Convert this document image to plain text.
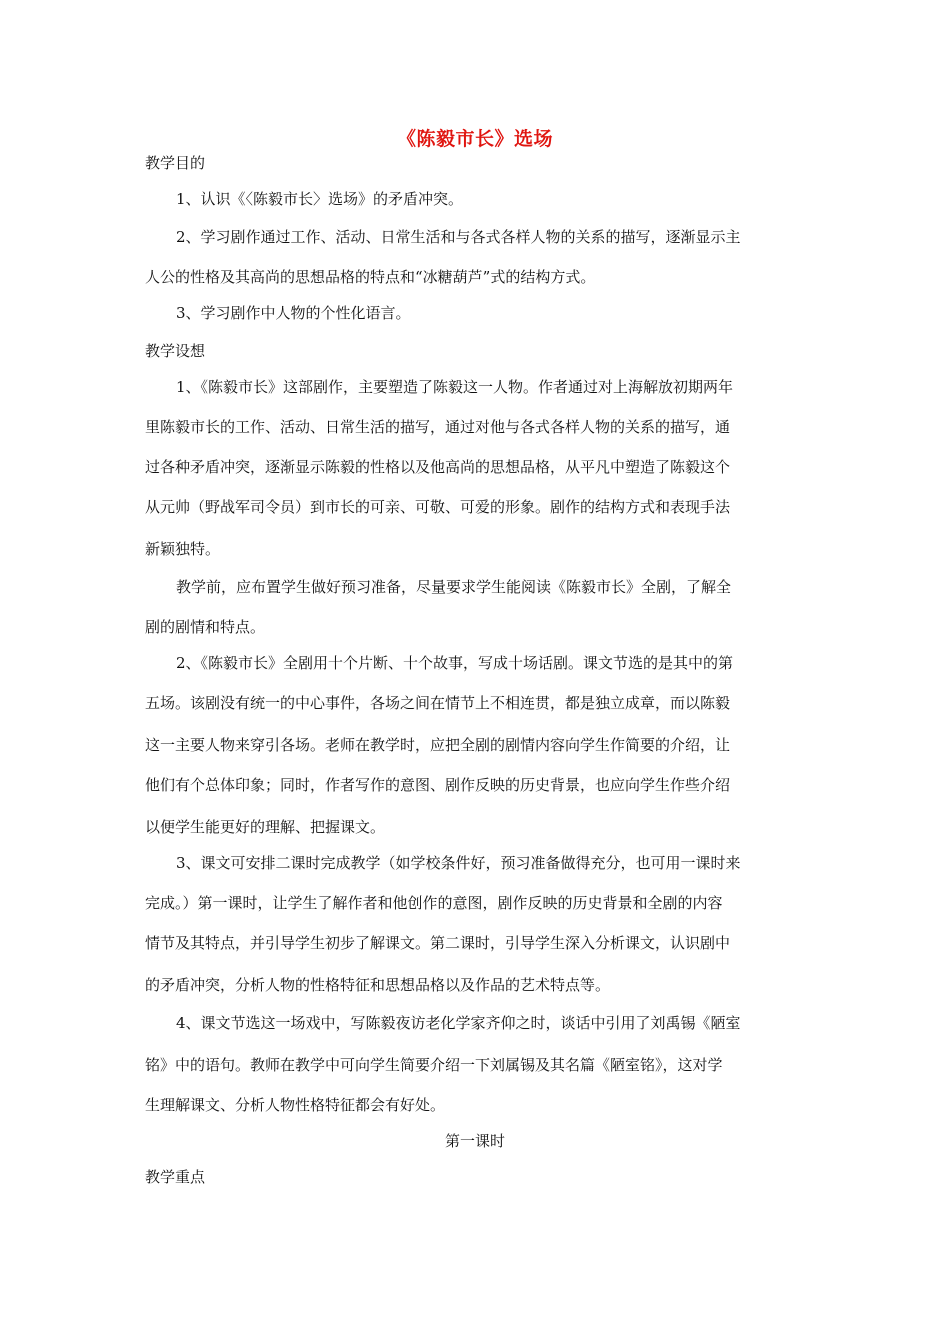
《陈毅市长》选场
教学目的
1、认识《〈陈毅市长〉选场》的矛盾冲突。
2、学习剧作通过工作、活动、日常生活和与各式各样人物的关系的描写，逐渐显示主
人公的性格及其高尚的思想品格的特点和“冰糖葫芦”式的结构方式。
3、学习剧作中人物的个性化语言。
教学设想
1、《陈毅市长》这部剧作，主要塑造了陈毅这一人物。作者通过对上海解放初期两年
里陈毅市长的工作、活动、日常生活的描写，通过对他与各式各样人物的关系的描写，通
过各种矛盾冲突，逐渐显示陈毅的性格以及他高尚的思想品格，从平凡中塑造了陈毅这个
从元帅（野战军司令员）到市长的可亲、可敬、可爱的形象。剧作的结构方式和表现手法
新颖独特。
教学前，应布置学生做好预习准备，尽量要求学生能阅读《陈毅市长》全剧，了解全
剧的剧情和特点。
2、《陈毅市长》全剧用十个片断、十个故事，写成十场话剧。课文节选的是其中的第
五场。该剧没有统一的中心事件，各场之间在情节上不相连贯，都是独立成章，而以陈毅
这一主要人物来穿引各场。老师在教学时，应把全剧的剧情内容向学生作简要的介绍，让
他们有个总体印象；同时，作者写作的意图、剧作反映的历史背景，也应向学生作些介绍
以便学生能更好的理解、把握课文。
3、课文可安排二课时完成教学（如学校条件好，预习准备做得充分，也可用一课时来
完成。）第一课时，让学生了解作者和他创作的意图，剧作反映的历史背景和全剧的内容
情节及其特点，并引导学生初步了解课文。第二课时，引导学生深入分析课文，认识剧中
的矛盾冲突，分析人物的性格特征和思想品格以及作品的艺术特点等。
4、课文节选这一场戏中，写陈毅夜访老化学家齐仰之时，谈话中引用了刘禹锡《陋室
铭》中的语句。教师在教学中可向学生简要介绍一下刘属锡及其名篇《陋室铭》，这对学
生理解课文、分析人物性格特征都会有好处。
第一课时
教学重点
